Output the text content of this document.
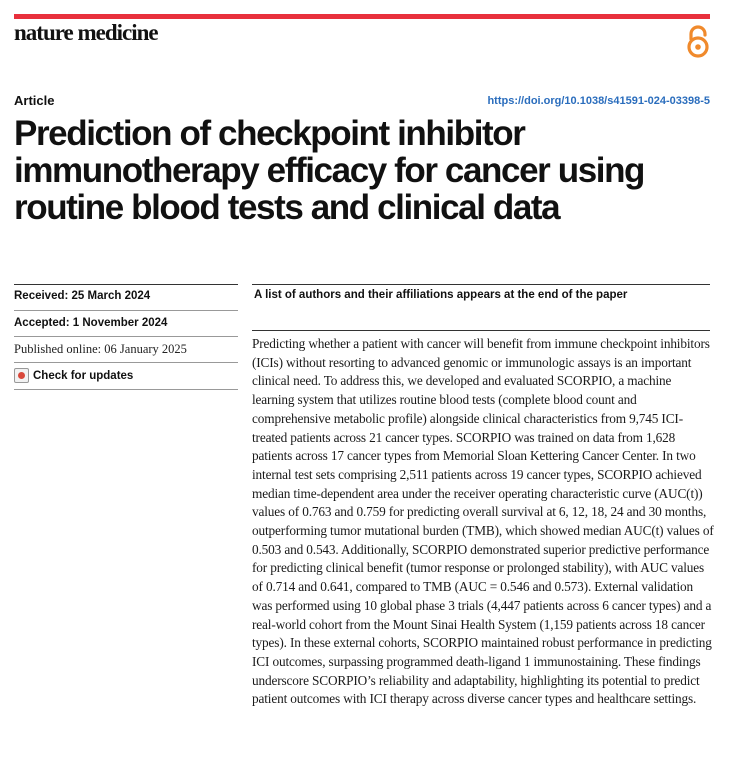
nature medicine
Article	https://doi.org/10.1038/s41591-024-03398-5
Prediction of checkpoint inhibitor immunotherapy efficacy for cancer using routine blood tests and clinical data
Received: 25 March 2024
Accepted: 1 November 2024
Published online: 06 January 2025
Check for updates
A list of authors and their affiliations appears at the end of the paper

Predicting whether a patient with cancer will benefit from immune checkpoint inhibitors (ICIs) without resorting to advanced genomic or immunologic assays is an important clinical need. To address this, we developed and evaluated SCORPIO, a machine learning system that utilizes routine blood tests (complete blood count and comprehensive metabolic profile) alongside clinical characteristics from 9,745 ICI-treated patients across 21 cancer types. SCORPIO was trained on data from 1,628 patients across 17 cancer types from Memorial Sloan Kettering Cancer Center. In two internal test sets comprising 2,511 patients across 19 cancer types, SCORPIO achieved median time-dependent area under the receiver operating characteristic curve (AUC(t)) values of 0.763 and 0.759 for predicting overall survival at 6, 12, 18, 24 and 30 months, outperforming tumor mutational burden (TMB), which showed median AUC(t) values of 0.503 and 0.543. Additionally, SCORPIO demonstrated superior predictive performance for predicting clinical benefit (tumor response or prolonged stability), with AUC values of 0.714 and 0.641, compared to TMB (AUC = 0.546 and 0.573). External validation was performed using 10 global phase 3 trials (4,447 patients across 6 cancer types) and a real-world cohort from the Mount Sinai Health System (1,159 patients across 18 cancer types). In these external cohorts, SCORPIO maintained robust performance in predicting ICI outcomes, surpassing programmed death-ligand 1 immunostaining. These findings underscore SCORPIO’s reliability and adaptability, highlighting its potential to predict patient outcomes with ICI therapy across diverse cancer types and healthcare settings.
